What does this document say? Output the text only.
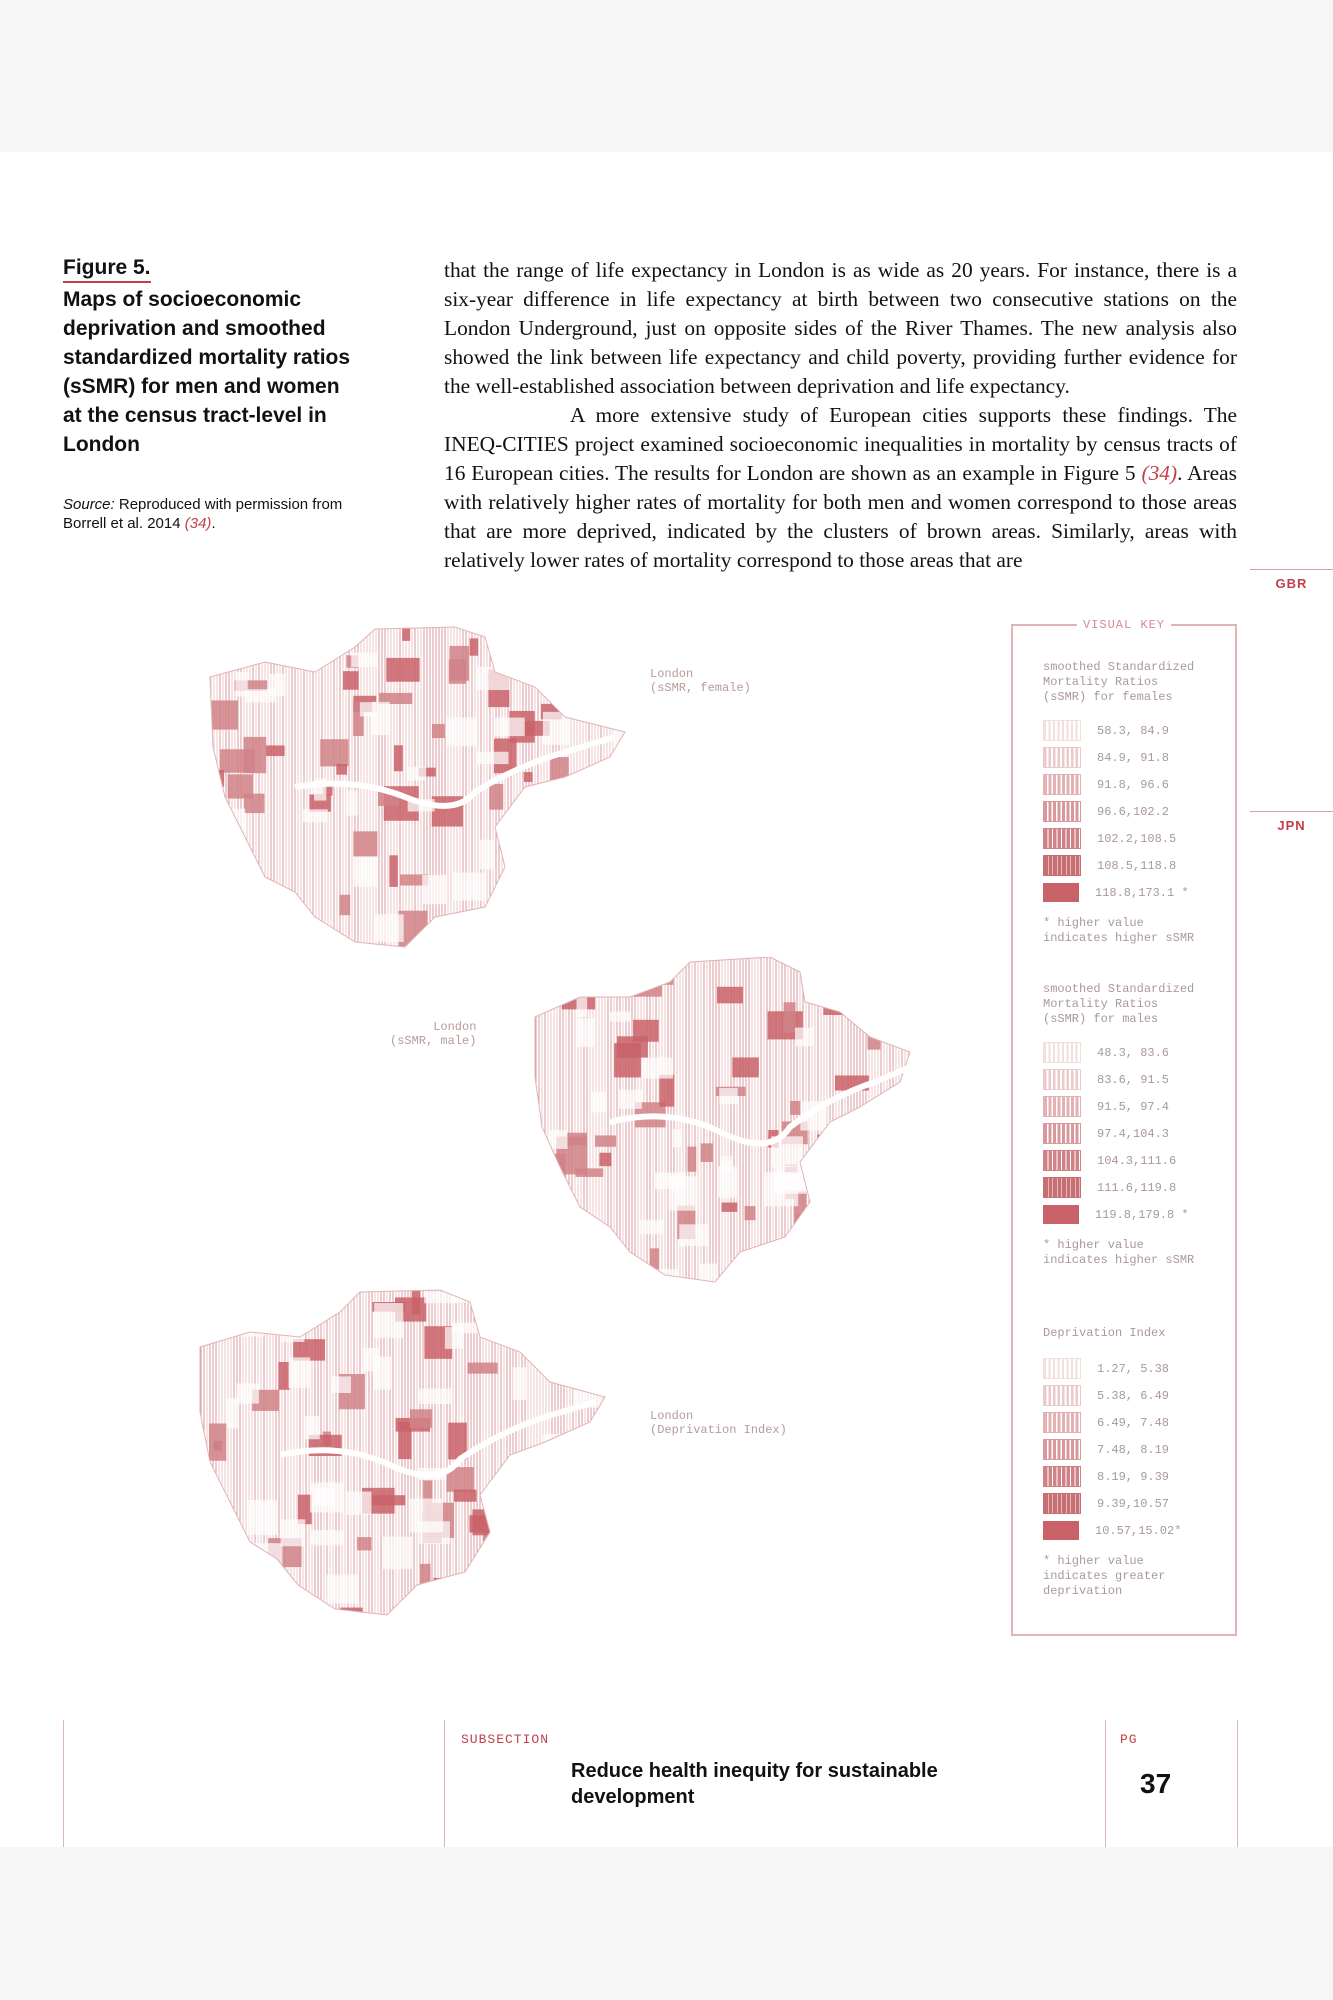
Figure 5.
Maps of socioeconomic deprivation and smoothed standardized mortality ratios (sSMR) for men and women at the census tract-level in London
Source: Reproduced with permission from Borrell et al. 2014 (34).

that the range of life expectancy in London is as wide as 20 years. For instance, there is a six-year difference in life expectancy at birth between two consecutive stations on the London Underground, just on opposite sides of the River Thames. The new analysis also showed the link between life expectancy and child poverty, providing further evidence for the well-established association between deprivation and life expectancy.

A more extensive study of European cities supports these findings. The INEQ-CITIES project examined socioeconomic inequalities in mortality by census tracts of 16 European cities. The results for London are shown as an example in Figure 5 (34). Areas with relatively higher rates of mortality for both men and women correspond to those areas that are more deprived, indicated by the clusters of brown areas. Similarly, areas with relatively lower rates of mortality correspond to those areas that are

GBR
JPN
London
(sSMR, female)
London
(sSMR, male)
London
(Deprivation Index)
VISUAL KEY
smoothed Standardized
Mortality Ratios
(sSMR) for females
58.3, 84.9
84.9, 91.8
91.8, 96.6
96.6,102.2
102.2,108.5
108.5,118.8
118.8,173.1 *
* higher value
indicates higher sSMR
smoothed Standardized
Mortality Ratios
(sSMR) for males
48.3, 83.6
83.6, 91.5
91.5, 97.4
97.4,104.3
104.3,111.6
111.6,119.8
119.8,179.8 *
* higher value
indicates higher sSMR
Deprivation Index
1.27, 5.38
5.38, 6.49
6.49, 7.48
7.48, 8.19
8.19, 9.39
9.39,10.57
10.57,15.02*
* higher value
indicates greater
deprivation
SUBSECTION
Reduce health inequity for sustainable development
PG
37
